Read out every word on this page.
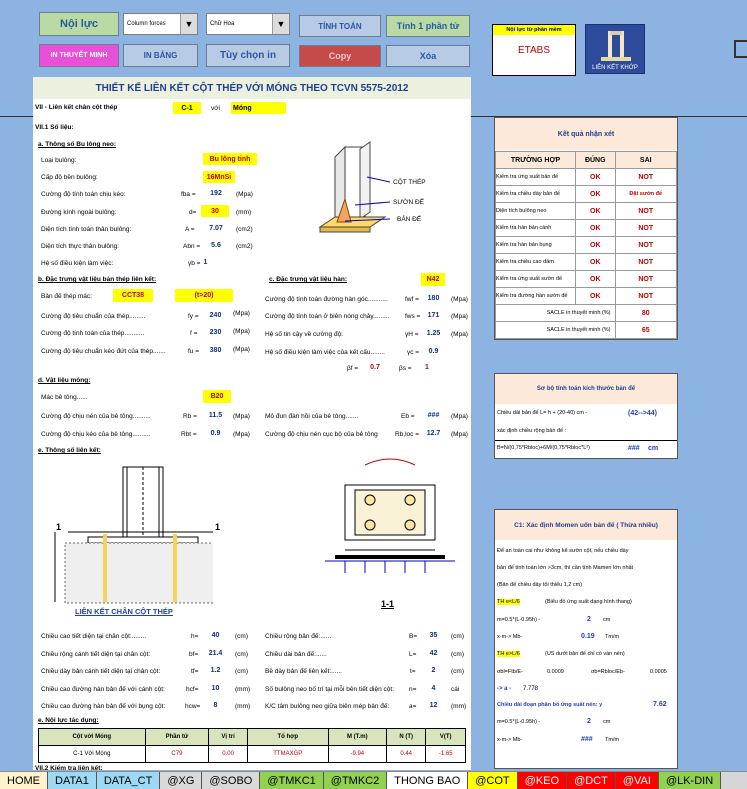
Nội lực	Column forces	▼	Chữ Hoa	▼	TÍNH TOÁN	Tính 1 phần tử
IN THUYẾT MINH	IN BẢNG	Tùy chọn in	Copy	Xóa
Nội lực từ phần mềm
ETABS
LIÊN KẾT KHỚP
THIẾT KẾ LIÊN KẾT CỘT THÉP VỚI MÓNG THEO TCVN 5575-2012
VII - Liên kết chân cột thép	C-1	với Móng
VII.1 Số liệu:
a. Thông số Bu lông neo:
Loại bulông:	Bu lông tinh
Cấp độ bền bulông:	16MnSi
Cường độ tính toán chịu kéo:	fba =	192	(Mpa)
Đường kính ngoài bulông:	d=	30	(mm)
Diện tích tính toán thân bulông:	A =	7.07	(cm2)
Diện tích thực thân bulông:	Abn =	5.6	(cm2)
Hệ số điều kiện làm việc:	γb = 1
CỘT THÉP
SƯỜN ĐẾ
BẢN ĐẾ
b. Đặc trưng vật liệu bản thép liên kết:
Bản đế thép mác:	CCT38	(t>20)
Cường độ tiêu chuẩn của thép.........	fy =	240	(Mpa)
Cường độ tính toán của thép...........	f =	230	(Mpa)
Cường độ tiêu chuẩn kéo đứt của thép.......	fu =	380	(Mpa)
c. Đặc trưng vật liệu hàn:	N42
Cường độ tính toán đường hàn góc...........	fwf =	180	(Mpa)
Cường độ tính toán ở biên nóng chảy......... fws =	171	(Mpa)
Hệ số tin cậy về cường độ:	γH =	1.25	(Mpa)
Hệ số điều kiện làm việc của kết cấu........	γc =	0.9
βf =	0.7	βs =	1
d. Vật liệu móng:
Mác bê tông......	B20
Cường độ chịu nén của bê tông..........	Rb =	11.5	(Mpa)
Cường độ chịu kéo của bê tông..........	Rbt =	0.9	(Mpa)
Mô đun đàn hồi của bê tông.......	Eb =	###	(Mpa)
Cường độ chịu nén cục bộ của bê tông	Rb,loc =	12.7	(Mpa)
e. Thông số liên kết:
1	1
LIÊN KẾT CHÂN CỘT THÉP
1-1
Chiều cao tiết diện tại chân cột:........	h=	40	(cm)
Chiều rộng cánh tiết diện tại chân cột:	bf=	21.4	(cm)
Chiều dày bản cánh tiết diện tại chân cột:	tf=	1.2	(cm)
Chiều cao đường hàn bản đế với cánh cột:	hcf=	10	(mm)
Chiều cao đường hàn bản đế với bụng cột:	hcw=	8	(mm)
Chiều rộng bản đế:......	B=	35	(cm)
Chiều dài bản đế:......	L=	42	(cm)
Bề dày bản đế liên kết:......	t=	2	(cm)
Số bulông neo bố trí tại mỗi bên tiết diện cột: n=	4	cái
K/C tâm bulông neo giữa biên mép bản đế:	a=	12	(mm)
e. Nội lực tác dụng:
Cột với Móng	Phần tử	Vị trí	Tổ hợp	M (T.m)	N (T)	V(T)
C-1 Với Móng	C79	0.00	TTMAXGP	-9.94	0.44	-1.65
VII.2 Kiểm tra liên kết:
Kết quả nhận xét
TRƯỜNG HỢP	ĐÚNG	SAI
Kiểm tra ứng suất bản đế	OK	NOT
Kiểm tra chiều dày bản đế	OK	Đặt sườn đế
Diện tích bulông neo	OK	NOT
Kiểm tra hàn bản cánh	OK	NOT
Kiểm tra hàn bản bụng	OK	NOT
Kiểm tra chiều cao dầm	OK	NOT
Kiểm tra ứng suất sườn đế	OK	NOT
Kiểm tra đường hàn sườn đế	OK	NOT
SACLE in thuyết minh (%)		80
SACLE in thuyết minh (%)		65
Sơ bộ tính toán kích thước bản đế
Chiều dài bản đế L= h + (20-40) cm -	(42-->44)
xác định chiều rộng bản đế :
B=N/(0,75*Rbloc)+6M/(0,75*Rbloc*L²)	### cm
C1: Xác định Momen uốn bản đế ( Thừa nhiều)
Để an toàn cai như không kể sườn cột, nếu chiều dày
bản đế tính toán lớn >3cm, thì cần tính Mamen lớn nhất
(Bản đế chiều dày tối thiểu 1,2 cm)
TH e<L/6	(Biểu đồ ứng suất dạng hình thang)
m=0.5*(L-0.95h) -	2 cm
x-m-> Mb-	0.19 Tm/m
TH e>L/6	(US dưới bản đế chỉ có vần nén)
σbl=Ftb/E-	0.0009	σb=Rbloc/Eb-	0.0005
-> a - 7.778
Chiều dài đoạn phân bố ứng suất nén: y	7.62
m=0.5*(L-0.95h) -	2 cm
x-m-> Mb-	### Tm/m
HOME	DATA1	DATA_CT	@XG	@SOBO	@TMKC1	@TMKC2	THONG BAO	@COT	@KEO	@DCT	@VAI	@LK-DIN
